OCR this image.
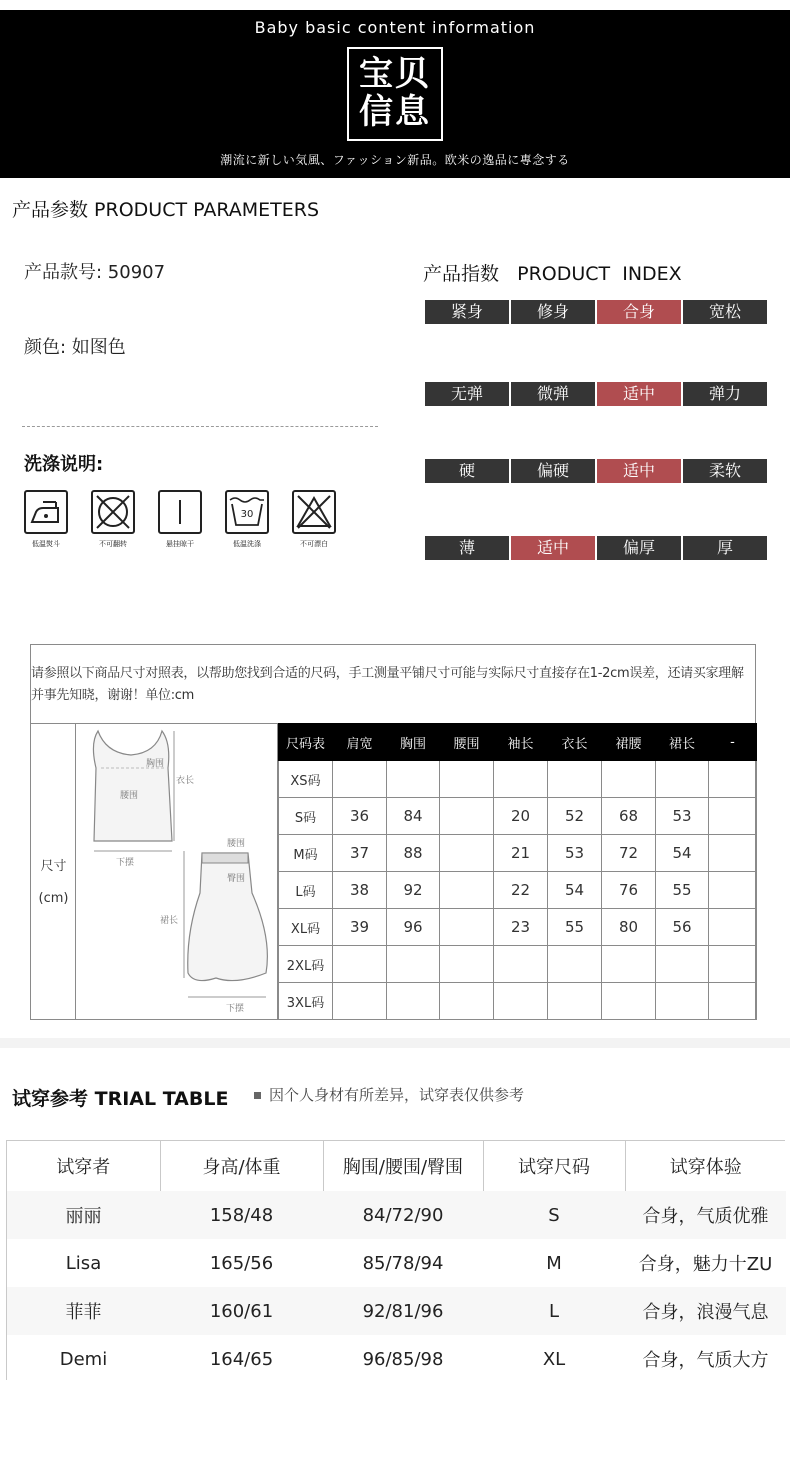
Baby basic content information
宝贝信息
潮流に新しい気風、ファッション新品。欧米の逸品に專念する
产品参数 PRODUCT PARAMETERS
产品款号: 50907
颜色: 如图色
洗涤说明:
低温熨斗	不可翻转	悬挂晾干
30
低温洗涤	不可漂白
产品指数   PRODUCT  INDEX
紧身	修身	合身	宽松
无弹	微弹	适中	弹力
硬	偏硬	适中	柔软
薄	适中	偏厚	厚
请参照以下商品尺寸对照表，以帮助您找到合适的尺码，手工测量平铺尺寸可能与实际尺寸直接存在1-2cm误差，还请买家理解并事先知晓，谢谢！单位:cm
尺寸
(cm)
胸围
衣长
腰围
下摆
腰围
臀围
裙长
下摆
尺码表	肩宽	胸围	腰围	袖长	衣长	裙腰	裙长	-
XS码								
S码	36	84		20	52	68	53	
M码	37	88		21	53	72	54	
L码	38	92		22	54	76	55	
XL码	39	96		23	55	80	56	
2XL码								
3XL码								
试穿参考 TRIAL TABLE	因个人身材有所差异，试穿表仅供参考
试穿者	身高/体重	胸围/腰围/臀围	试穿尺码	试穿体验
丽丽	158/48	84/72/90	S	合身，气质优雅
Lisa	165/56	85/78/94	M	合身，魅力十ZU
菲菲	160/61	92/81/96	L	合身，浪漫气息
Demi	164/65	96/85/98	XL	合身，气质大方
